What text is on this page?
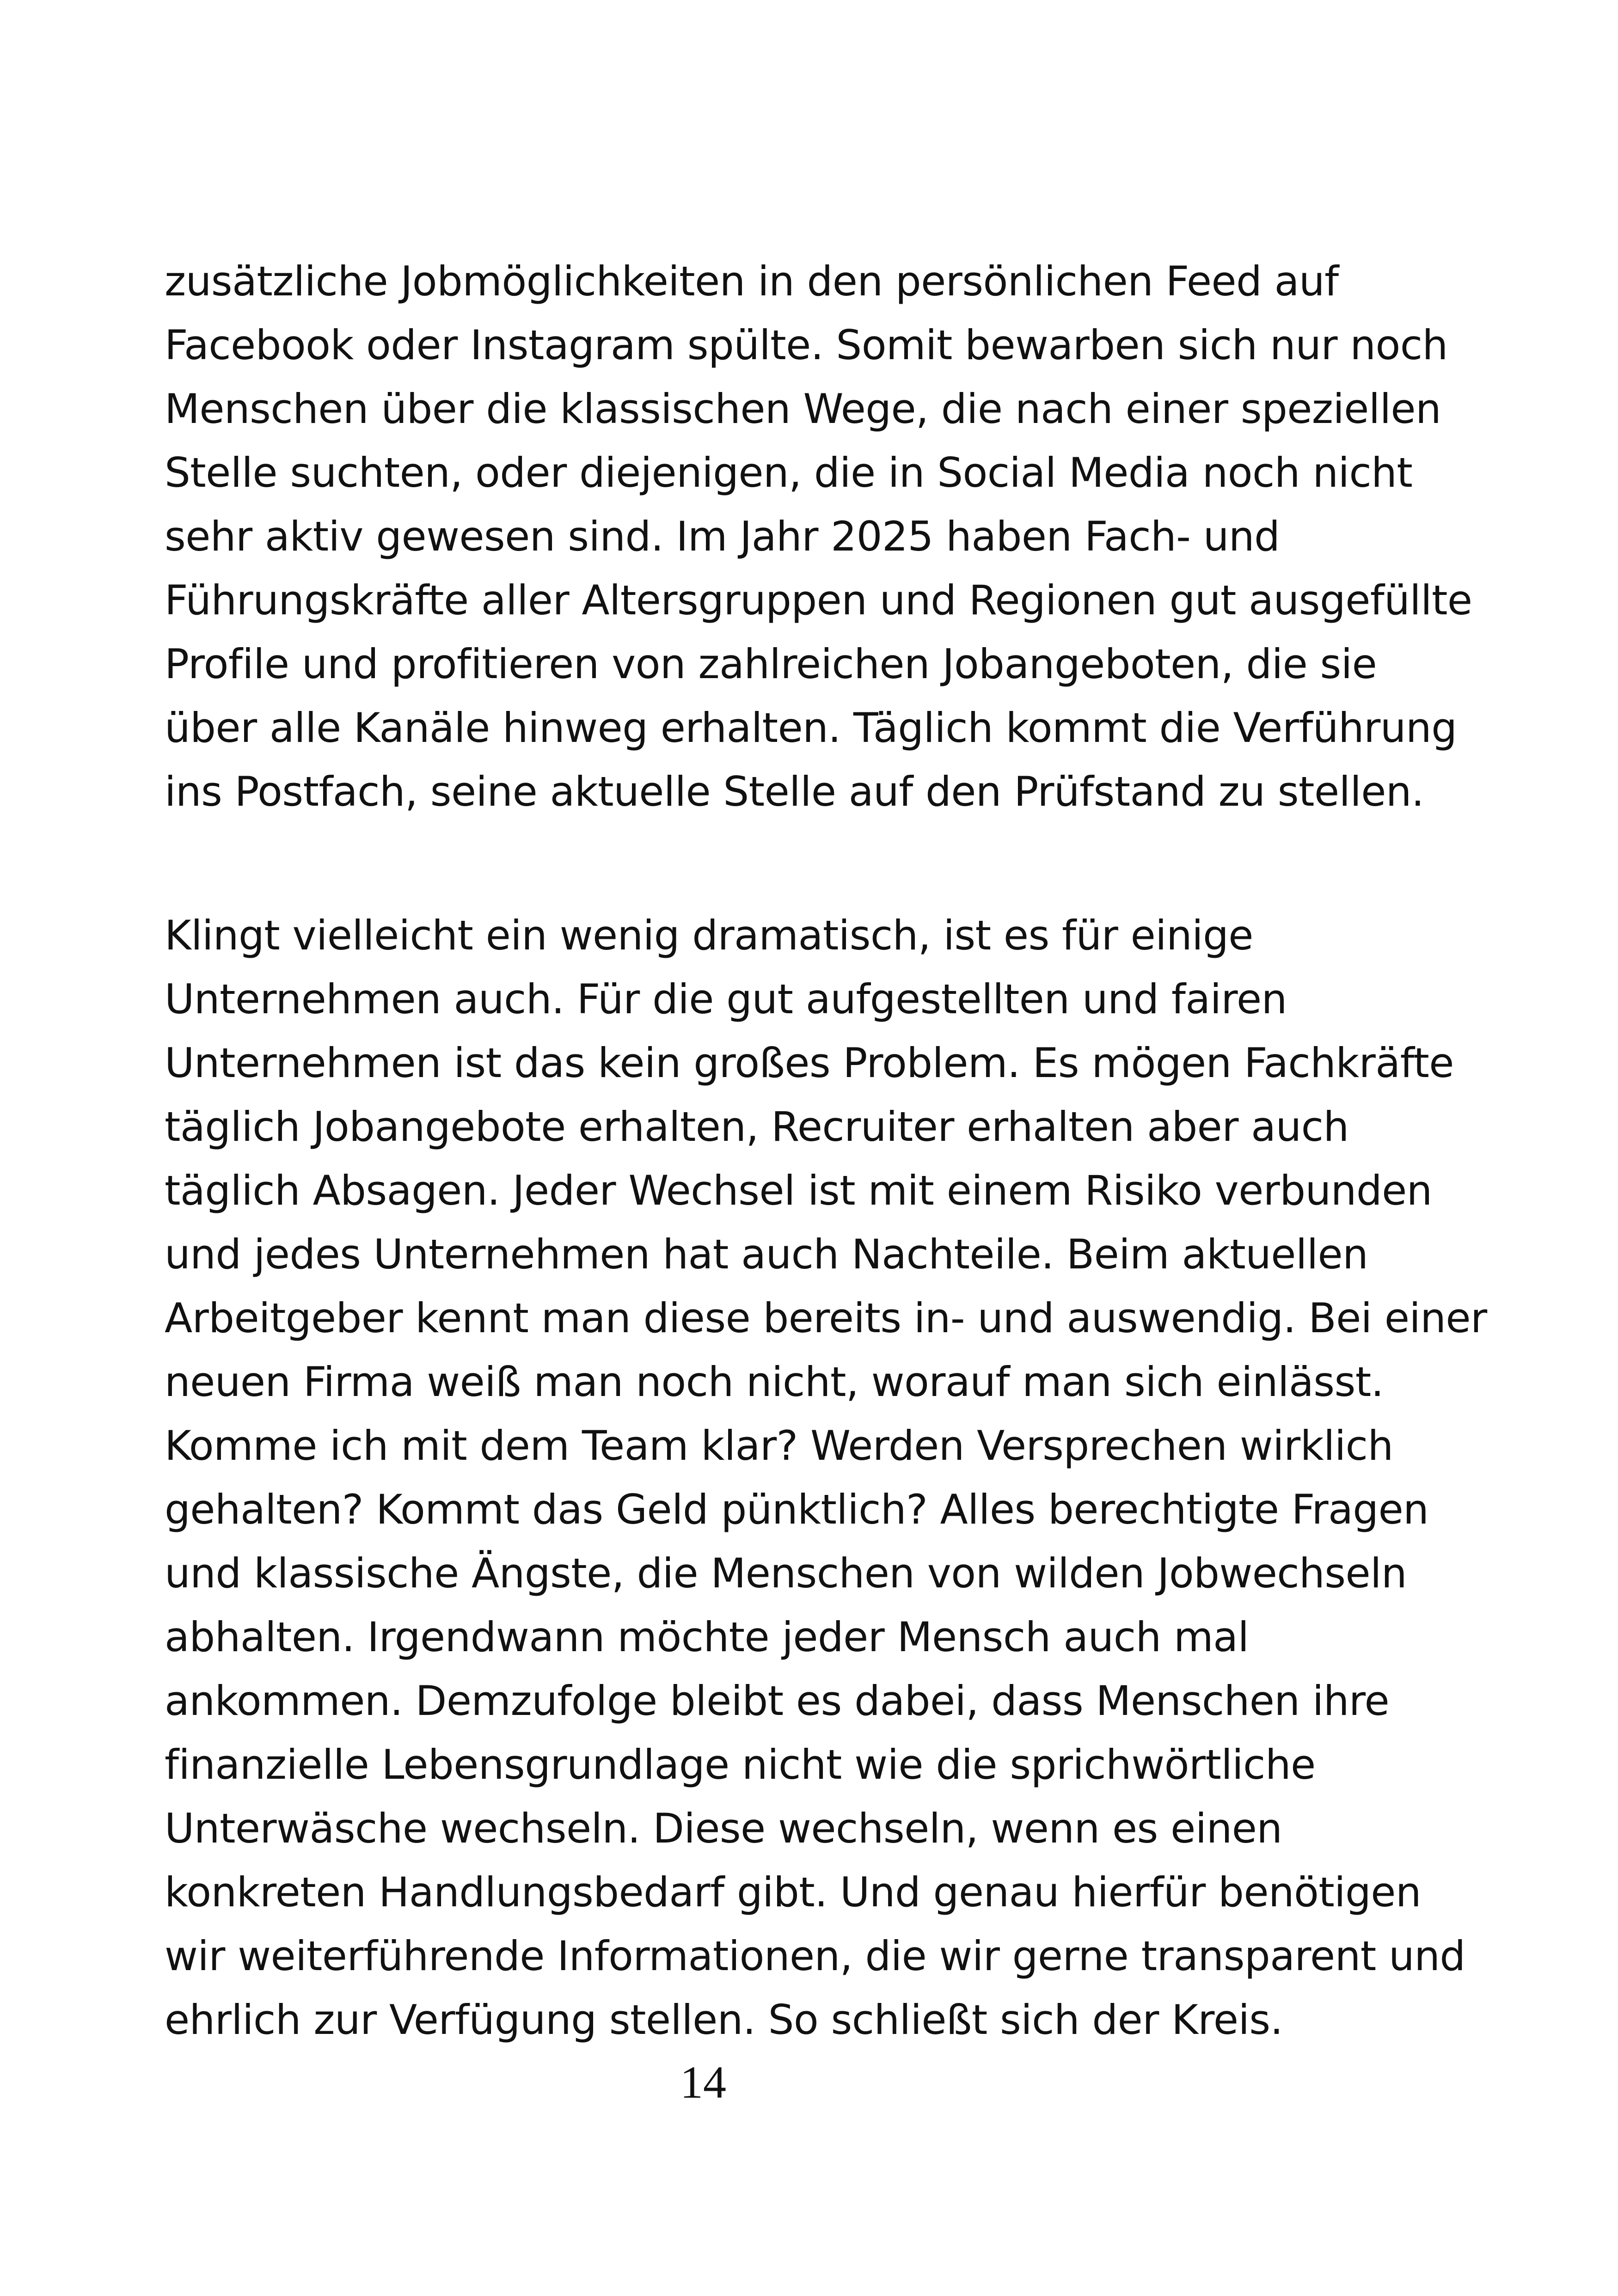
zusätzliche Jobmöglichkeiten in den persönlichen Feed auf
Facebook oder Instagram spülte. Somit bewarben sich nur noch
Menschen über die klassischen Wege, die nach einer speziellen
Stelle suchten, oder diejenigen, die in Social Media noch nicht
sehr aktiv gewesen sind. Im Jahr 2025 haben Fach- und
Führungskräfte aller Altersgruppen und Regionen gut ausgefüllte
Profile und profitieren von zahlreichen Jobangeboten, die sie
über alle Kanäle hinweg erhalten. Täglich kommt die Verführung
ins Postfach, seine aktuelle Stelle auf den Prüfstand zu stellen.
Klingt vielleicht ein wenig dramatisch, ist es für einige
Unternehmen auch. Für die gut aufgestellten und fairen
Unternehmen ist das kein großes Problem. Es mögen Fachkräfte
täglich Jobangebote erhalten, Recruiter erhalten aber auch
täglich Absagen. Jeder Wechsel ist mit einem Risiko verbunden
und jedes Unternehmen hat auch Nachteile. Beim aktuellen
Arbeitgeber kennt man diese bereits in- und auswendig. Bei einer
neuen Firma weiß man noch nicht, worauf man sich einlässt.
Komme ich mit dem Team klar? Werden Versprechen wirklich
gehalten? Kommt das Geld pünktlich? Alles berechtigte Fragen
und klassische Ängste, die Menschen von wilden Jobwechseln
abhalten. Irgendwann möchte jeder Mensch auch mal
ankommen. Demzufolge bleibt es dabei, dass Menschen ihre
finanzielle Lebensgrundlage nicht wie die sprichwörtliche
Unterwäsche wechseln. Diese wechseln, wenn es einen
konkreten Handlungsbedarf gibt. Und genau hierfür benötigen
wir weiterführende Informationen, die wir gerne transparent und
ehrlich zur Verfügung stellen. So schließt sich der Kreis.
14
